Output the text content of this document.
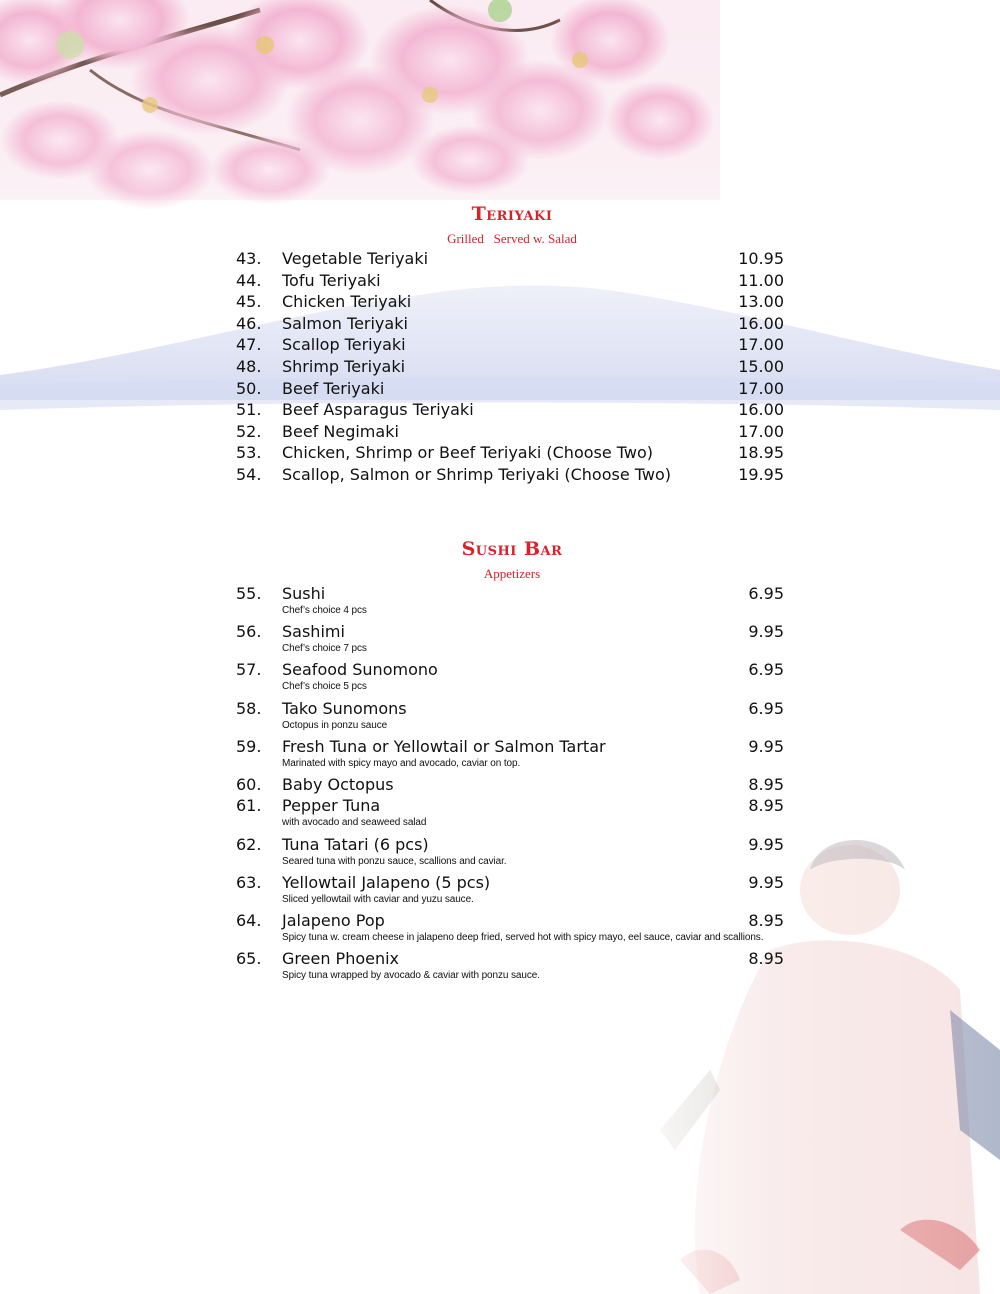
Teriyaki
Grilled   Served w. Salad
43. Vegetable Teriyaki	10.95
44. Tofu Teriyaki	11.00
45. Chicken Teriyaki	13.00
46. Salmon Teriyaki	16.00
47. Scallop Teriyaki	17.00
48. Shrimp Teriyaki	15.00
50. Beef Teriyaki	17.00
51. Beef Asparagus Teriyaki	16.00
52. Beef Negimaki	17.00
53. Chicken, Shrimp or Beef Teriyaki (Choose Two)	18.95
54. Scallop, Salmon or Shrimp Teriyaki (Choose Two)	19.95
Sushi Bar
Appetizers
55. Sushi	6.95
Chef’s choice 4 pcs
56. Sashimi	9.95
Chef’s choice 7 pcs
57. Seafood Sunomono	6.95
Chef’s choice 5 pcs
58. Tako Sunomons	6.95
Octopus in ponzu sauce
59. Fresh Tuna or Yellowtail or Salmon Tartar	9.95
Marinated with spicy mayo and avocado, caviar on top.
60. Baby Octopus	8.95
61. Pepper Tuna	8.95
with avocado and seaweed salad
62. Tuna Tatari (6 pcs)	9.95
Seared tuna with ponzu sauce, scallions and caviar.
63. Yellowtail Jalapeno (5 pcs)	9.95
Sliced yellowtail with caviar and yuzu sauce.
64. Jalapeno Pop	8.95
Spicy tuna w. cream cheese in jalapeno deep fried, served hot with spicy mayo, eel sauce, caviar and scallions.
65. Green Phoenix	8.95
Spicy tuna wrapped by avocado & caviar with ponzu sauce.
